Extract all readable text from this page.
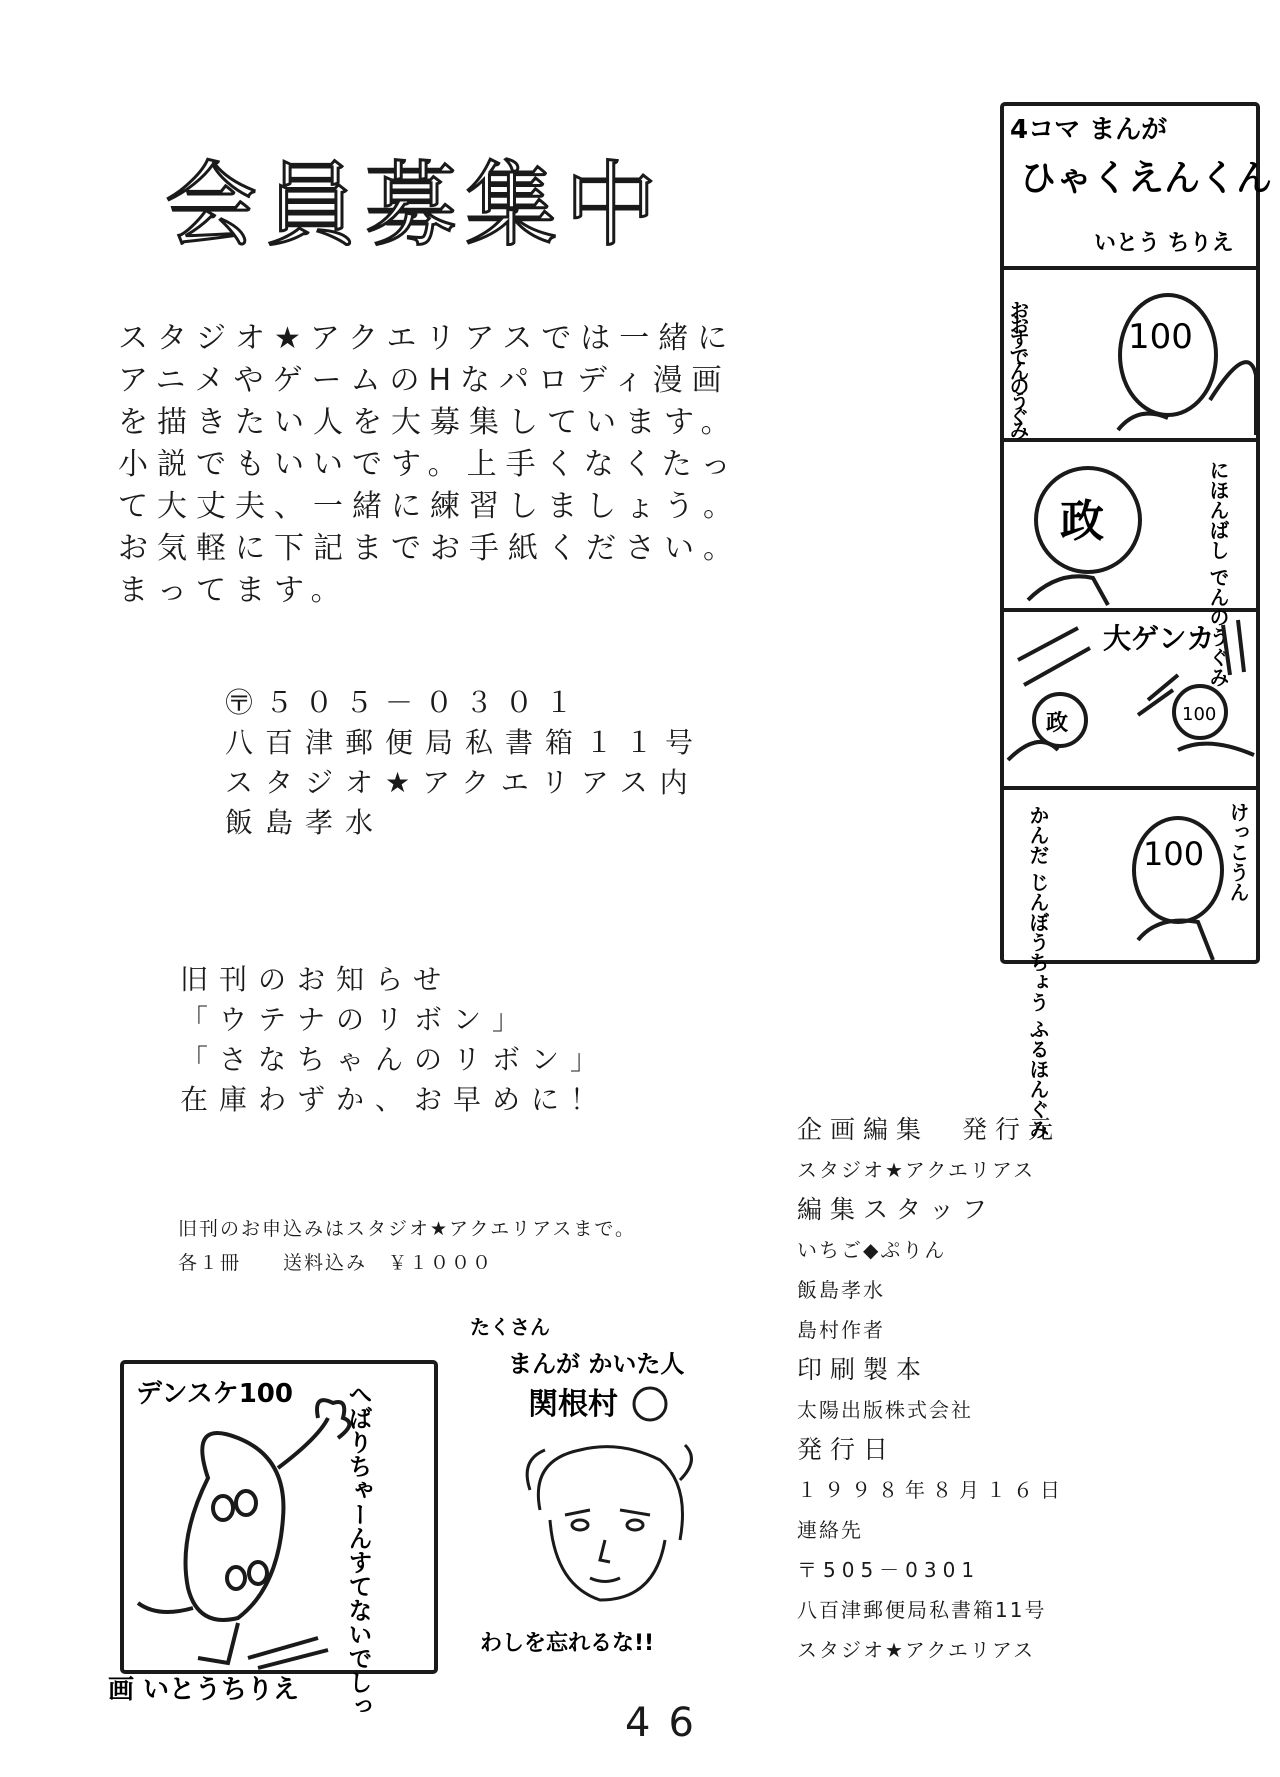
会員募集中
スタジオ★アクエリアスでは一緒に
アニメやゲームのHなパロディ漫画
を描きたい人を大募集しています。
小説でもいいです。上手くなくたっ
て大丈夫、一緒に練習しましょう。
お気軽に下記までお手紙ください。
まってます。
〶５０５－０３０１
八百津郵便局私書箱１１号
スタジオ★アクエリアス内
飯島孝水
旧刊のお知らせ
「ウテナのリボン」
「さなちゃんのリボン」
在庫わずか、お早めに！
旧刊のお申込みはスタジオ★アクエリアスまで。
各１冊　　送料込み　￥１０００
企画編集　発行元
スタジオ★アクエリアス
編集スタッフ
いちご◆ぷりん
飯島孝水
島村作者
印刷製本
太陽出版株式会社
発行日
１９９８年８月１６日
連絡先
〒505－0301
八百津郵便局私書箱11号
スタジオ★アクエリアス
4コマ まんが
ひゃくえんくん
いとう ちりえ
100
おおす でんのうぐみ
政	にほんばし でんのうぐみ
大ゲンカ
政	100
100
かんだ じんぼうちょう ふるほんぐみ	けっこうん
デンスケ100 へばりちゃーんすてないでしっ
画 いとうちりえ
たくさん
まんが かいた人
関根村
わしを忘れるな!!
46
